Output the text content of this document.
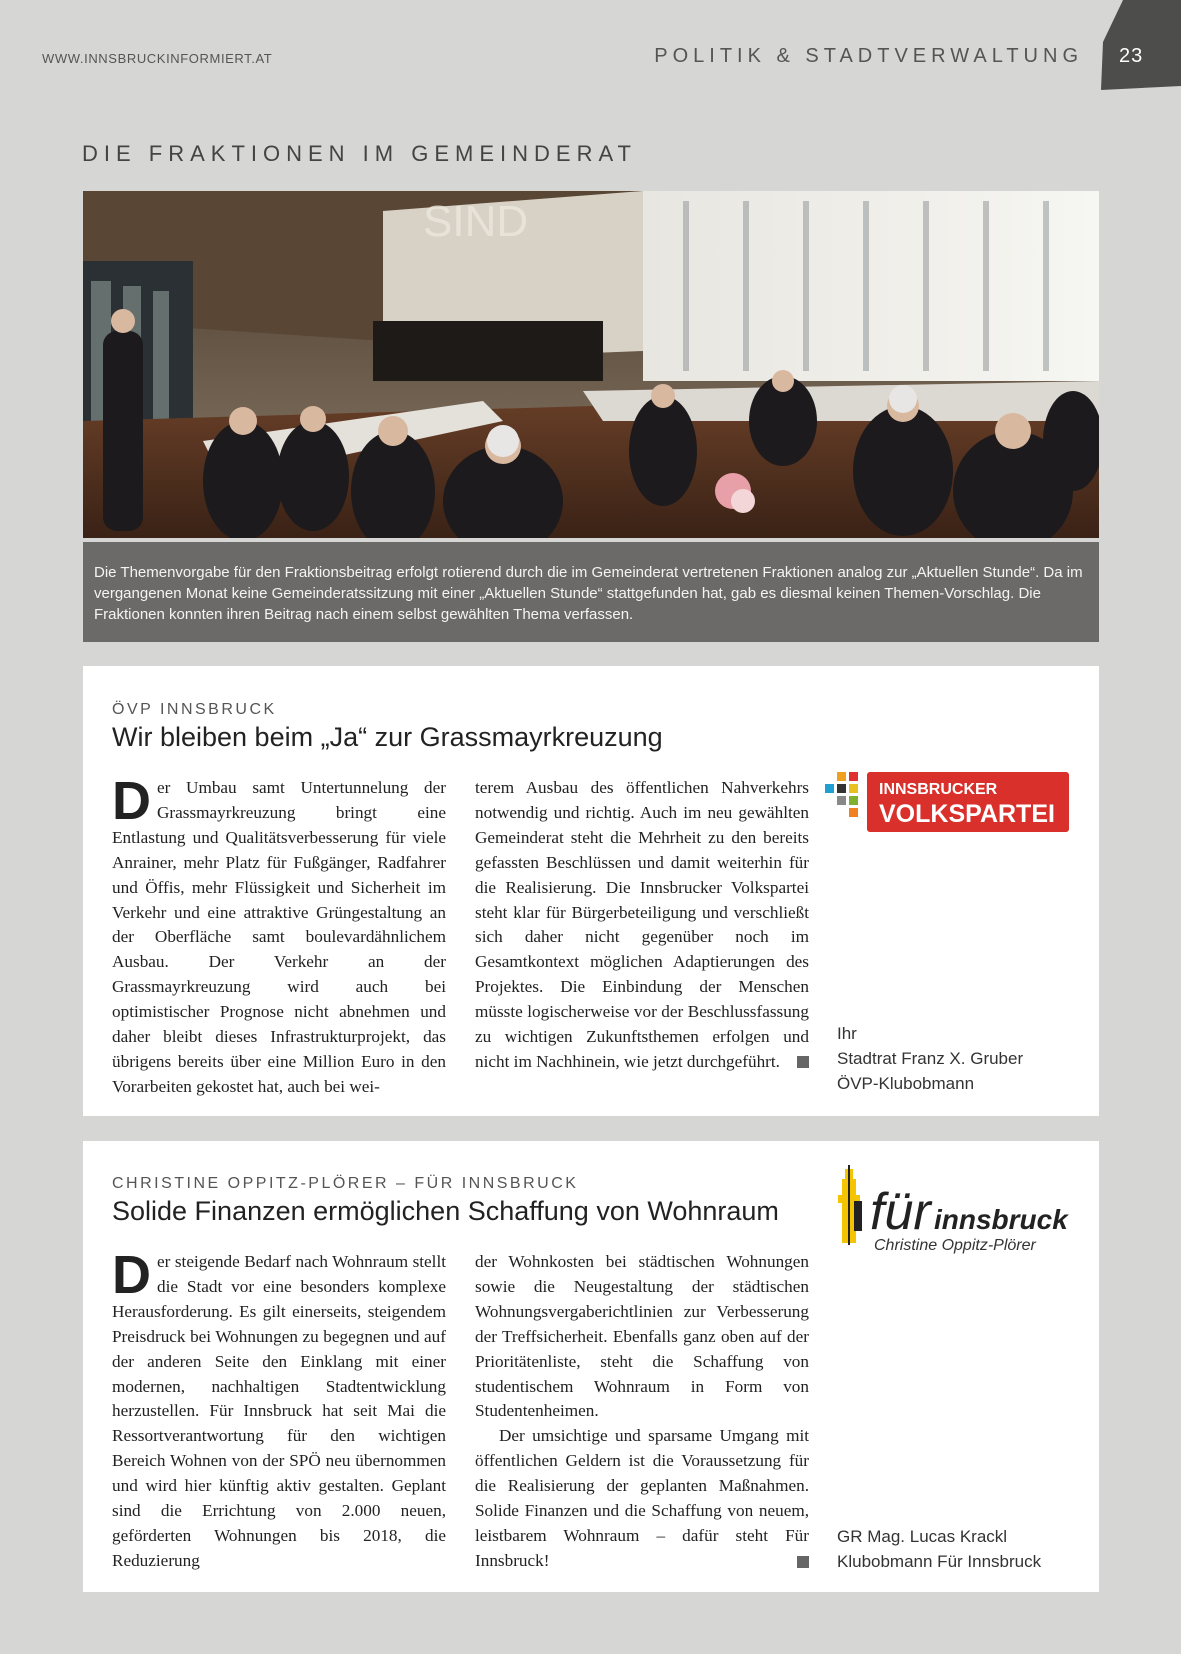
WWW.INNSBRUCKINFORMIERT.AT	POLITIK & STADTVERWALTUNG 23
DIE FRAKTIONEN IM GEMEINDERAT
SIND
Die Themenvorgabe für den Fraktionsbeitrag erfolgt rotierend durch die im Gemeinderat vertretenen Fraktionen analog zur „Aktuellen Stunde“. Da im vergangenen Monat keine Gemeinderatssitzung mit einer „Aktuellen Stunde“ stattgefunden hat, gab es diesmal keinen Themen-Vorschlag. Die Fraktionen konnten ihren Beitrag nach einem selbst gewählten Thema verfassen.
ÖVP INNSBRUCK
Wir bleiben beim „Ja“ zur Grassmayrkreuzung
Der Umbau samt Untertunnelung der Grassmayrkreuzung bringt eine Entlastung und Qualitätsverbesserung für viele Anrainer, mehr Platz für Fußgänger, Radfahrer und Öffis, mehr Flüssigkeit und Sicherheit im Verkehr und eine attraktive Grüngestaltung an der Oberfläche samt boulevardähnlichem Ausbau. Der Verkehr an der Grassmayrkreuzung wird auch bei optimistischer Prognose nicht abnehmen und daher bleibt dieses Infrastrukturprojekt, das übrigens bereits über eine Million Euro in den Vorarbeiten gekostet hat, auch bei wei-
terem Ausbau des öffentlichen Nahverkehrs notwendig und richtig. Auch im neu gewählten Gemeinderat steht die Mehrheit zu den bereits gefassten Beschlüssen und damit weiterhin für die Realisierung. Die Innsbrucker Volkspartei steht klar für Bürgerbeteiligung und verschließt sich daher nicht gegenüber noch im Gesamtkontext möglichen Adaptierungen des Projektes. Die Einbindung der Menschen müsste logischerweise vor der Beschlussfassung zu wichtigen Zukunftsthemen erfolgen und nicht im Nachhinein, wie jetzt durchgeführt.
INNSBRUCKER
VOLKSPARTEI
Ihr
Stadtrat Franz X. Gruber
ÖVP-Klubobmann
CHRISTINE OPPITZ-PLÖRER – FÜR INNSBRUCK
Solide Finanzen ermöglichen Schaffung von Wohnraum
Der steigende Bedarf nach Wohnraum stellt die Stadt vor eine besonders komplexe Herausforderung. Es gilt einerseits, steigendem Preisdruck bei Wohnungen zu begegnen und auf der anderen Seite den Einklang mit einer modernen, nachhaltigen Stadtentwicklung herzustellen. Für Innsbruck hat seit Mai die Ressortverantwortung für den wichtigen Bereich Wohnen von der SPÖ neu übernommen und wird hier künftig aktiv gestalten. Geplant sind die Errichtung von 2.000 neuen, geförderten Wohnungen bis 2018, die Reduzierung
der Wohnkosten bei städtischen Wohnungen sowie die Neugestaltung der städtischen Wohnungsvergaberichtlinien zur Verbesserung der Treffsicherheit. Ebenfalls ganz oben auf der Prioritätenliste, steht die Schaffung von studentischem Wohnraum in Form von Studentenheimen.
Der umsichtige und sparsame Umgang mit öffentlichen Geldern ist die Voraussetzung für die Realisierung der geplanten Maßnahmen. Solide Finanzen und die Schaffung von neuem, leistbarem Wohnraum – dafür steht Für Innsbruck!
für innsbruck
Christine Oppitz-Plörer
GR Mag. Lucas Krackl
Klubobmann Für Innsbruck
